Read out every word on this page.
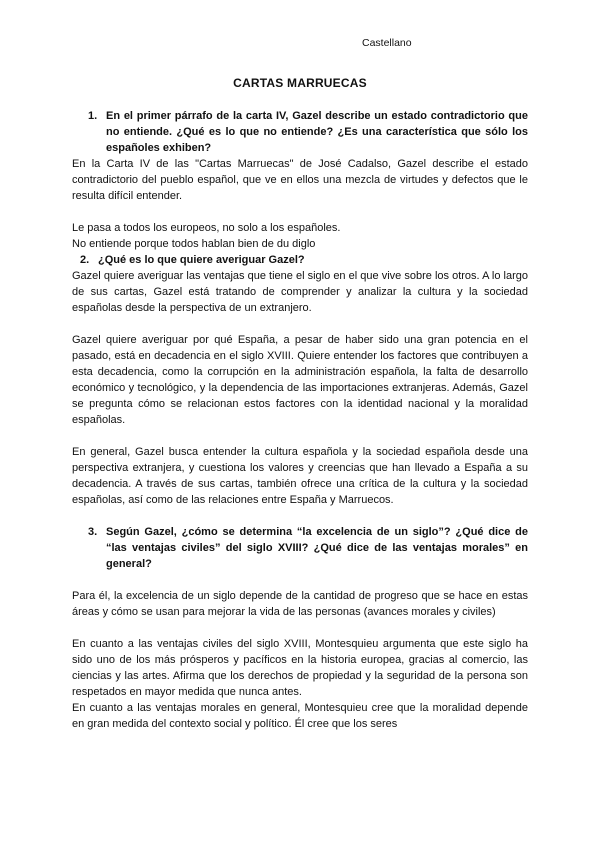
Castellano
CARTAS MARRUECAS
1. En el primer párrafo de la carta IV, Gazel describe un estado contradictorio que no entiende. ¿Qué es lo que no entiende? ¿Es una característica que sólo los españoles exhiben?

En la Carta IV de las "Cartas Marruecas" de José Cadalso, Gazel describe el estado contradictorio del pueblo español, que ve en ellos una mezcla de virtudes y defectos que le resulta difícil entender.

Le pasa a todos los europeos, no solo a los españoles.

No entiende porque todos hablan bien de du diglo

2. ¿Qué es lo que quiere averiguar Gazel?

Gazel quiere averiguar las ventajas que tiene el siglo en el que vive sobre los otros. A lo largo de sus cartas, Gazel está tratando de comprender y analizar la cultura y la sociedad españolas desde la perspectiva de un extranjero.

Gazel quiere averiguar por qué España, a pesar de haber sido una gran potencia en el pasado, está en decadencia en el siglo XVIII. Quiere entender los factores que contribuyen a esta decadencia, como la corrupción en la administración española, la falta de desarrollo económico y tecnológico, y la dependencia de las importaciones extranjeras. Además, Gazel se pregunta cómo se relacionan estos factores con la identidad nacional y la moralidad españolas.

En general, Gazel busca entender la cultura española y la sociedad española desde una perspectiva extranjera, y cuestiona los valores y creencias que han llevado a España a su decadencia. A través de sus cartas, también ofrece una crítica de la cultura y la sociedad españolas, así como de las relaciones entre España y Marruecos.

3. Según Gazel, ¿cómo se determina “la excelencia de un siglo”? ¿Qué dice de “las ventajas civiles” del siglo XVIII? ¿Qué dice de las ventajas morales” en general?

Para él, la excelencia de un siglo depende de la cantidad de progreso que se hace en estas áreas y cómo se usan para mejorar la vida de las personas (avances morales y civiles)

En cuanto a las ventajas civiles del siglo XVIII, Montesquieu argumenta que este siglo ha sido uno de los más prósperos y pacíficos en la historia europea, gracias al comercio, las ciencias y las artes. Afirma que los derechos de propiedad y la seguridad de la persona son respetados en mayor medida que nunca antes.

En cuanto a las ventajas morales en general, Montesquieu cree que la moralidad depende en gran medida del contexto social y político. Él cree que los seres
